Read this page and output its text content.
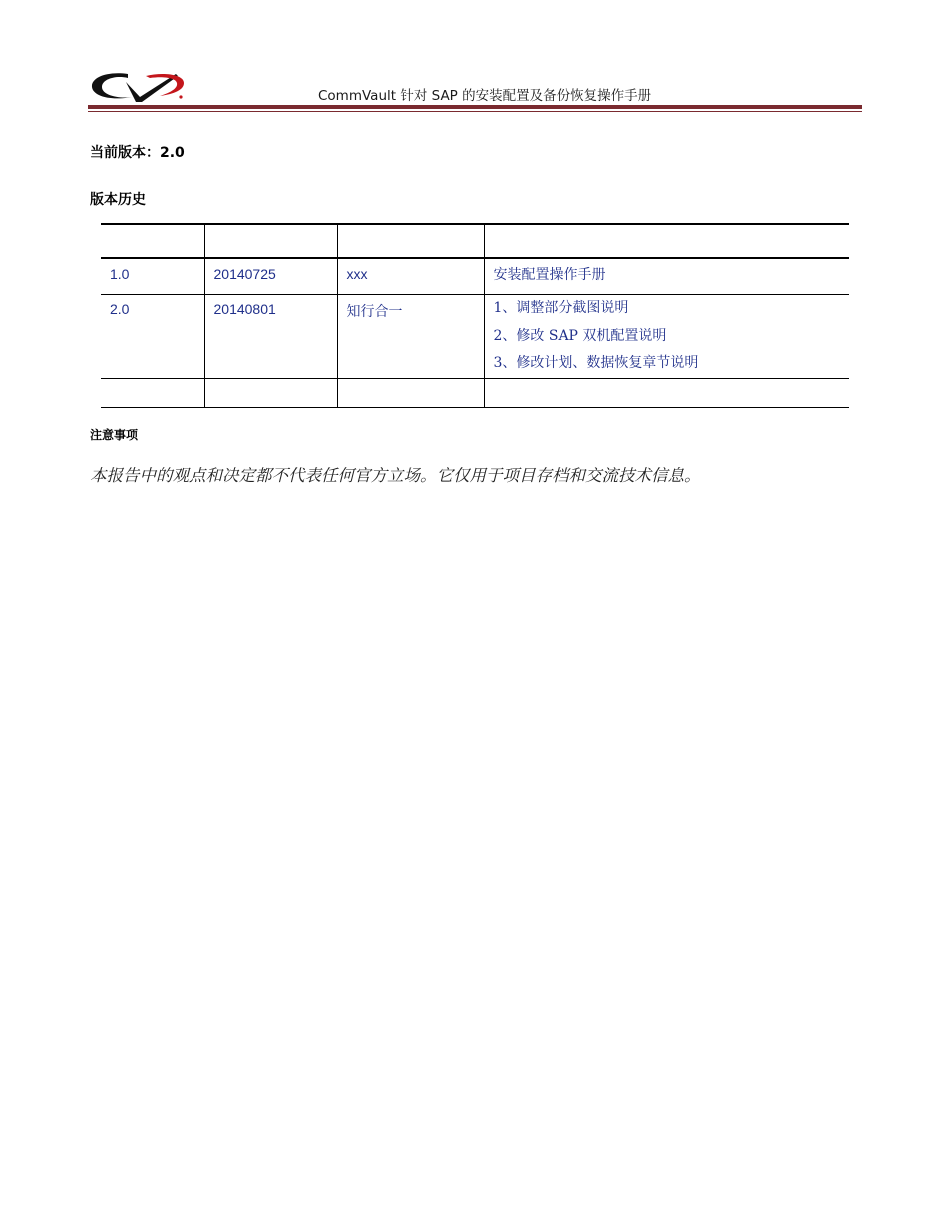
CommVault 针对 SAP 的安装配置及备份恢复操作手册
当前版本：2.0
版本历史

1.0	20140725	xxx	安装配置操作手册

2.0	20140801	知行合一	1、调整部分截图说明
2、修改 SAP 双机配置说明
3、修改计划、数据恢复章节说明

注意事项
本报告中的观点和决定都不代表任何官方立场。它仅用于项目存档和交流技术信息。
